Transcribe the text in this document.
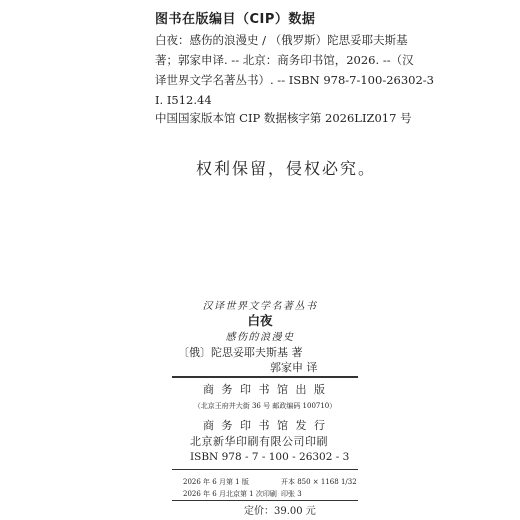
图书在版编目（CIP）数据
白夜：感伤的浪漫史 / （俄罗斯）陀思妥耶夫斯基
著；郭家申译. -- 北京：商务印书馆，2026. --（汉
译世界文学名著丛书）. -- ISBN 978-7-100-26302-3
I. I512.44
中国国家版本馆 CIP 数据核字第 2026LIZ017 号
权利保留，侵权必究。
汉译世界文学名著丛书
白夜
感伤的浪漫史
〔俄〕陀思妥耶夫斯基 著
郭家申 译
商 务 印 书 馆 出 版
（北京王府井大街 36 号 邮政编码 100710）
商 务 印 书 馆 发 行
北京新华印刷有限公司印刷
ISBN 978 - 7 - 100 - 26302 - 3
2026 年 6 月第 1 版	开本 850 × 1168 1/32
2026 年 6 月北京第 1 次印刷 印张 3
定价：39.00 元
